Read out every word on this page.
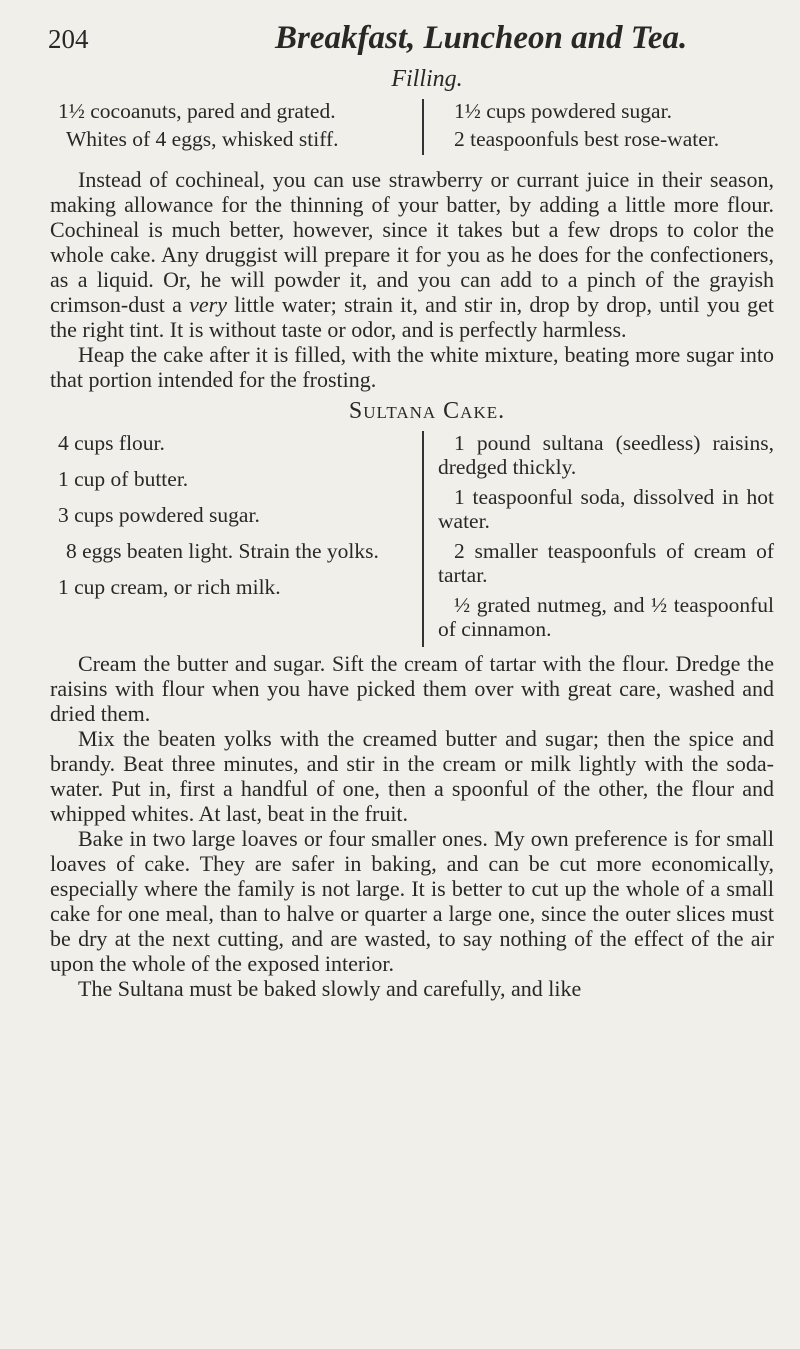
204	Breakfast, Luncheon and Tea.
Filling.

1½ cocoanuts, pared and grated.

Whites of 4 eggs, whisked stiff.

1½ cups powdered sugar.

2 teaspoonfuls best rose-water.

Instead of cochineal, you can use strawberry or currant juice in their season, making allowance for the thinning of your batter, by adding a little more flour. Cochineal is much better, however, since it takes but a few drops to color the whole cake. Any druggist will prepare it for you as he does for the confectioners, as a liquid. Or, he will powder it, and you can add to a pinch of the grayish crimson-dust a very little water; strain it, and stir in, drop by drop, until you get the right tint. It is without taste or odor, and is perfectly harmless.

Heap the cake after it is filled, with the white mixture, beating more sugar into that portion intended for the frosting.

Sultana Cake.

4 cups flour.

1 cup of butter.

3 cups powdered sugar.

8 eggs beaten light. Strain the yolks.

1 cup cream, or rich milk.

1 pound sultana (seedless) raisins, dredged thickly.

1 teaspoonful soda, dissolved in hot water.

2 smaller teaspoonfuls of cream of tartar.

½ grated nutmeg, and ½ teaspoonful of cinnamon.

Cream the butter and sugar. Sift the cream of tartar with the flour. Dredge the raisins with flour when you have picked them over with great care, washed and dried them.

Mix the beaten yolks with the creamed butter and sugar; then the spice and brandy. Beat three minutes, and stir in the cream or milk lightly with the soda-water. Put in, first a handful of one, then a spoonful of the other, the flour and whipped whites. At last, beat in the fruit.

Bake in two large loaves or four smaller ones. My own preference is for small loaves of cake. They are safer in baking, and can be cut more economically, especially where the family is not large. It is better to cut up the whole of a small cake for one meal, than to halve or quarter a large one, since the outer slices must be dry at the next cutting, and are wasted, to say nothing of the effect of the air upon the whole of the exposed interior.

The Sultana must be baked slowly and carefully, and like
